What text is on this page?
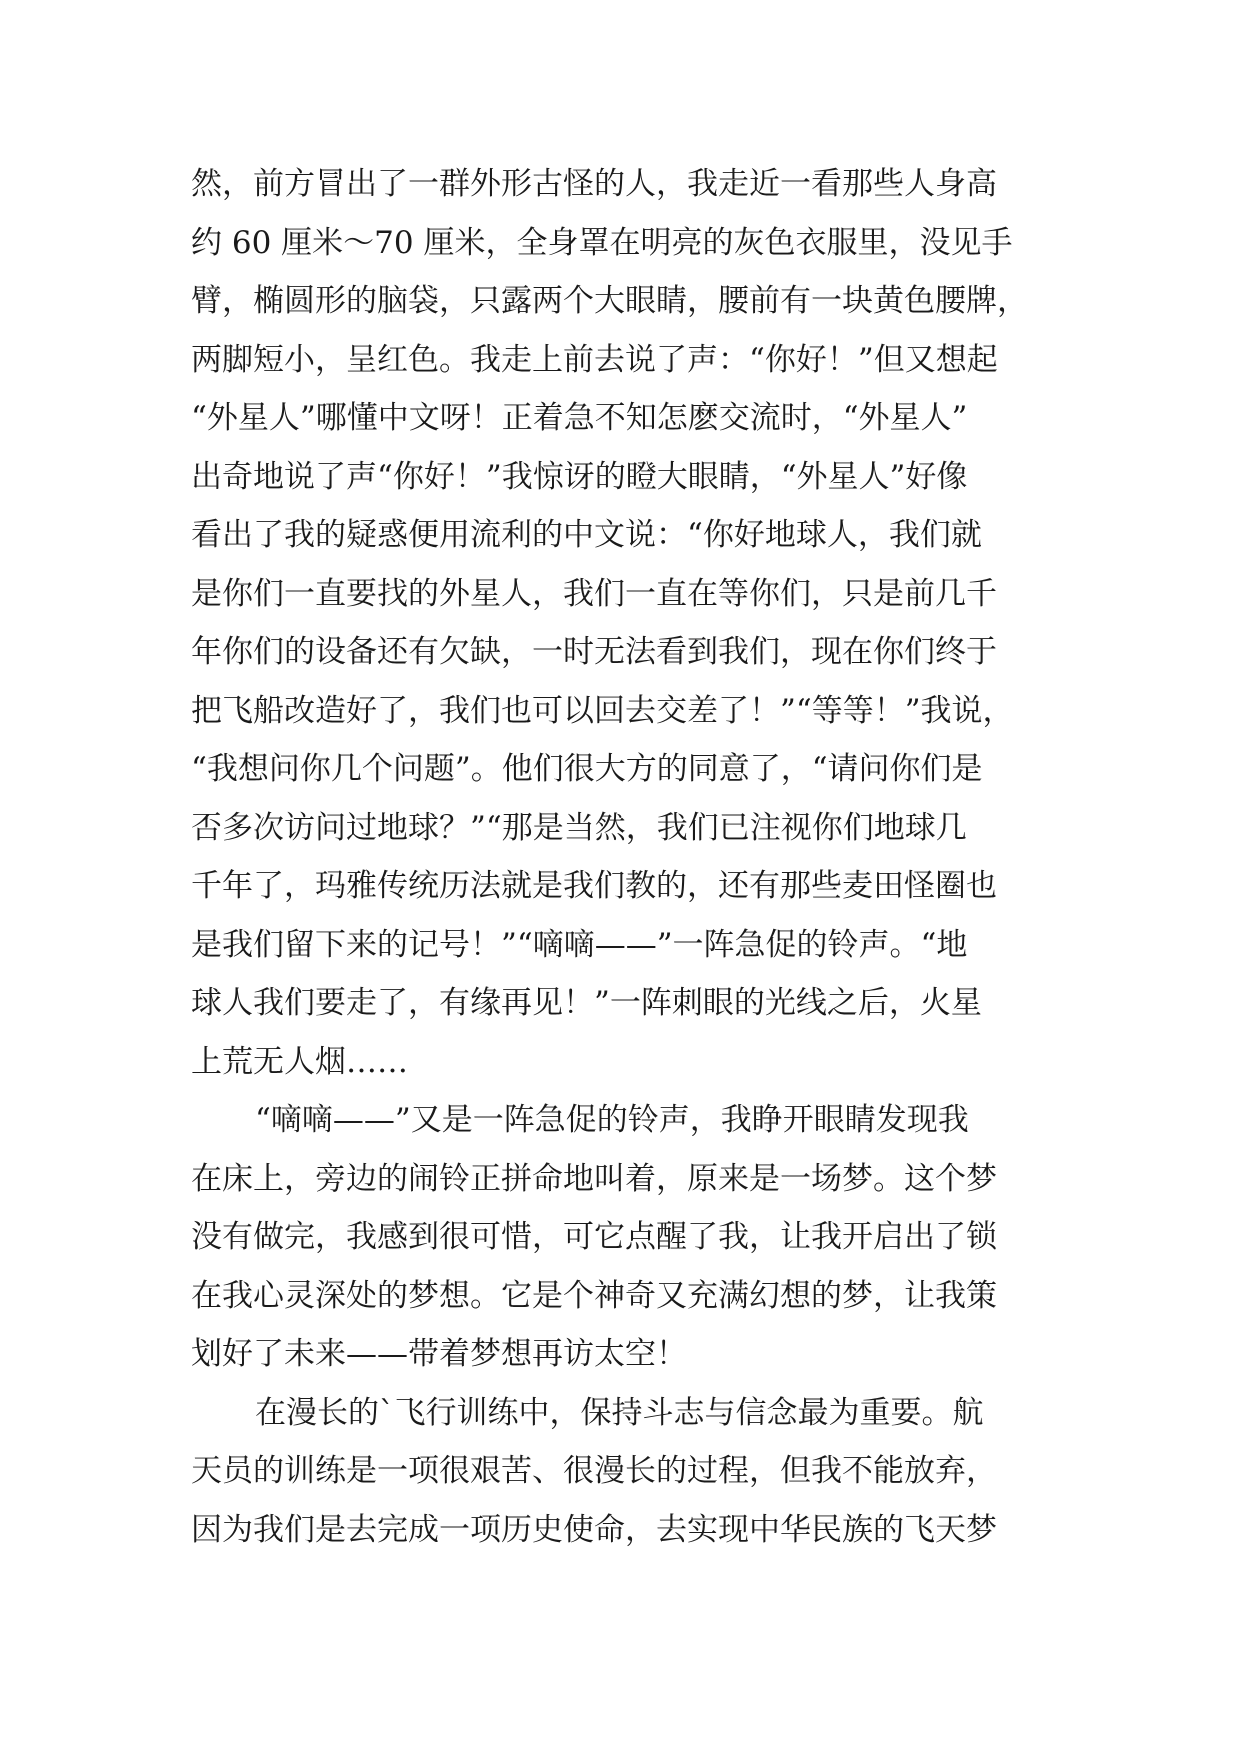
然，前方冒出了一群外形古怪的人，我走近一看那些人身高
约 60 厘米～70 厘米，全身罩在明亮的灰色衣服里，没见手
臂，椭圆形的脑袋，只露两个大眼睛，腰前有一块黄色腰牌，
两脚短小，呈红色。我走上前去说了声：“你好！”但又想起
“外星人”哪懂中文呀！正着急不知怎麽交流时，“外星人”
出奇地说了声“你好！”我惊讶的瞪大眼睛，“外星人”好像
看出了我的疑惑便用流利的中文说：“你好地球人，我们就
是你们一直要找的外星人，我们一直在等你们，只是前几千
年你们的设备还有欠缺，一时无法看到我们，现在你们终于
把飞船改造好了，我们也可以回去交差了！”“等等！”我说，
“我想问你几个问题”。他们很大方的同意了，“请问你们是
否多次访问过地球？”“那是当然，我们已注视你们地球几
千年了，玛雅传统历法就是我们教的，还有那些麦田怪圈也
是我们留下来的记号！”“嘀嘀——”一阵急促的铃声。“地
球人我们要走了，有缘再见！”一阵刺眼的光线之后，火星
上荒无人烟……
“嘀嘀——”又是一阵急促的铃声，我睁开眼睛发现我
在床上，旁边的闹铃正拼命地叫着，原来是一场梦。这个梦
没有做完，我感到很可惜，可它点醒了我，让我开启出了锁
在我心灵深处的梦想。它是个神奇又充满幻想的梦，让我策
划好了未来——带着梦想再访太空！
在漫长的`飞行训练中，保持斗志与信念最为重要。航
天员的训练是一项很艰苦、很漫长的过程，但我不能放弃，
因为我们是去完成一项历史使命，去实现中华民族的飞天梦
